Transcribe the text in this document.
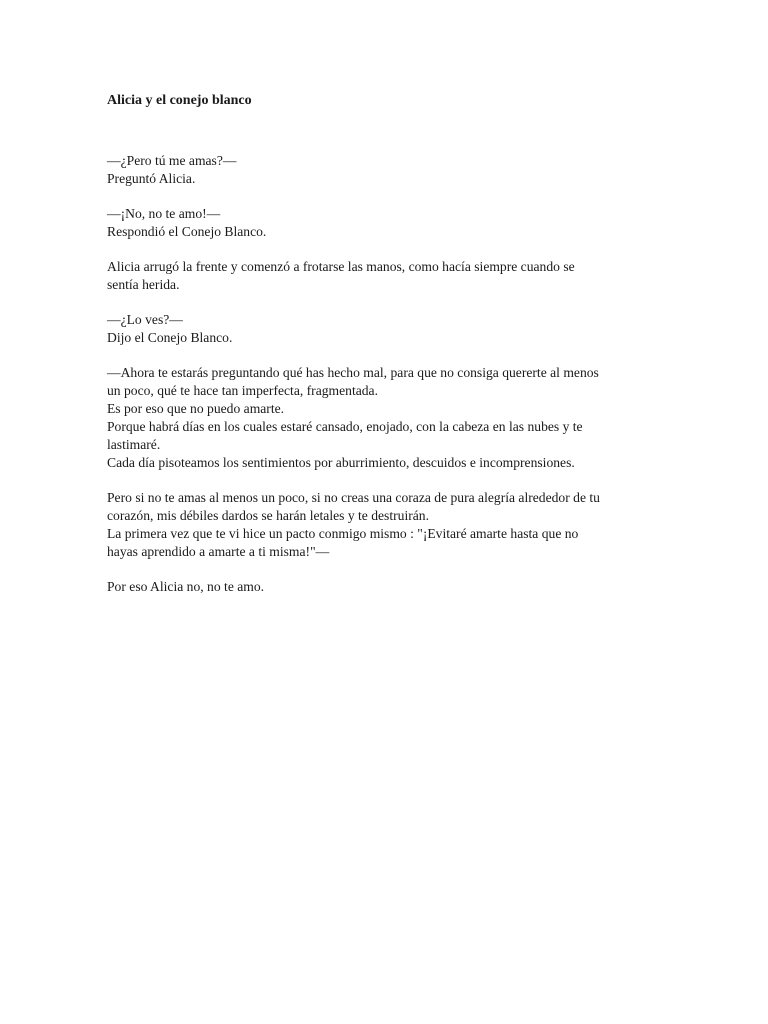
Alicia y el conejo blanco
—¿Pero tú me amas?—
Preguntó Alicia.
—¡No, no te amo!—
Respondió el Conejo Blanco.
Alicia arrugó la frente y comenzó a frotarse las manos, como hacía siempre cuando se
sentía herida.
—¿Lo ves?—
Dijo el Conejo Blanco.
—Ahora te estarás preguntando qué has hecho mal, para que no consiga quererte al menos
un poco, qué te hace tan imperfecta, fragmentada.
Es por eso que no puedo amarte.
Porque habrá días en los cuales estaré cansado, enojado, con la cabeza en las nubes y te
lastimaré.
Cada día pisoteamos los sentimientos por aburrimiento, descuidos e incomprensiones.
Pero si no te amas al menos un poco, si no creas una coraza de pura alegría alrededor de tu
corazón, mis débiles dardos se harán letales y te destruirán.
La primera vez que te vi hice un pacto conmigo mismo : "¡Evitaré amarte hasta que no
hayas aprendido a amarte a ti misma!"—
Por eso Alicia no, no te amo.
